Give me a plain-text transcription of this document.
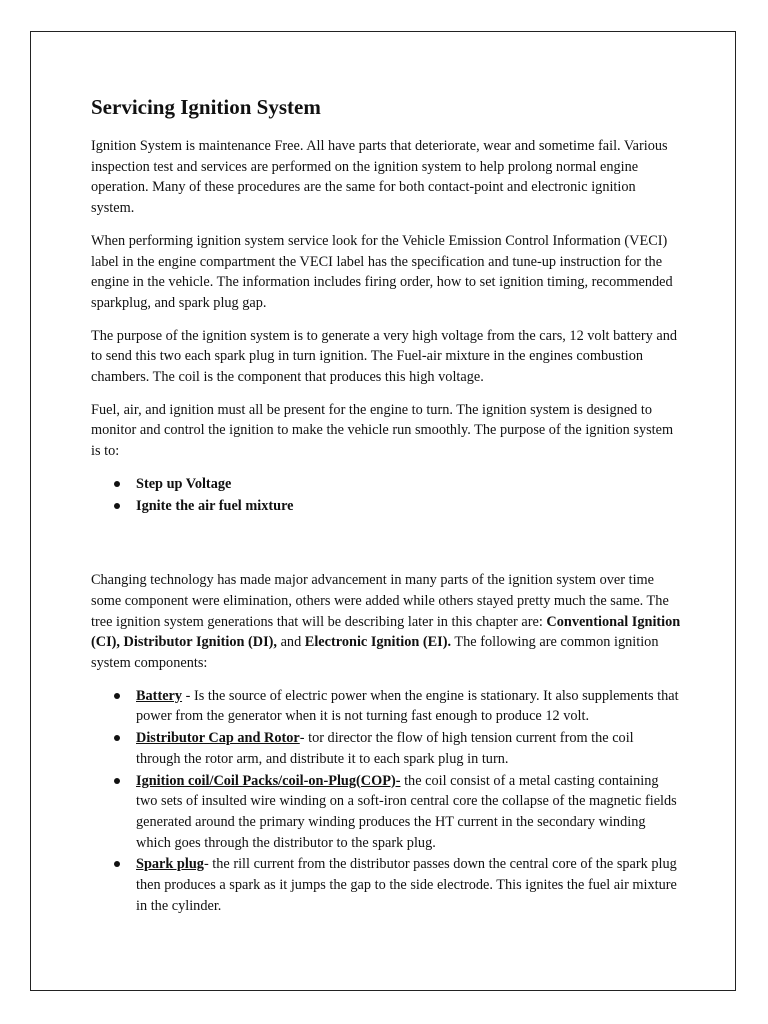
Servicing Ignition System

Ignition System is maintenance Free. All have parts that deteriorate, wear and sometime fail. Various inspection test and services are performed on the ignition system to help prolong normal engine operation. Many of these procedures are the same for both contact-point and electronic ignition system.

When performing ignition system service look for the Vehicle Emission Control Information (VECI) label in the engine compartment the VECI label has the specification and tune-up instruction for the engine in the vehicle. The information includes firing order, how to set ignition timing, recommended sparkplug, and spark plug gap.

The purpose of the ignition system is to generate a very high voltage from the cars, 12 volt battery and to send this two each spark plug in turn ignition. The Fuel-air mixture in the engines combustion chambers. The coil is the component that produces this high voltage.

Fuel, air, and ignition must all be present for the engine to turn. The ignition system is designed to monitor and control the ignition to make the vehicle run smoothly. The purpose of the ignition system is to:

Step up Voltage
Ignite the air fuel mixture

Changing technology has made major advancement in many parts of the ignition system over time some component were elimination, others were added while others stayed pretty much the same. The tree ignition system generations that will be describing later in this chapter are: Conventional Ignition (CI), Distributor Ignition (DI), and Electronic Ignition (EI). The following are common ignition system components:

Battery - Is the source of electric power when the engine is stationary. It also supplements that power from the generator when it is not turning fast enough to produce 12 volt.
Distributor Cap and Rotor- tor director the flow of high tension current from the coil through the rotor arm, and distribute it to each spark plug in turn.
Ignition coil/Coil Packs/coil-on-Plug(COP)- the coil consist of a metal casting containing two sets of insulted wire winding on a soft-iron central core the collapse of the magnetic fields generated around the primary winding produces the HT current in the secondary winding which goes through the distributor to the spark plug.
Spark plug- the rill current from the distributor passes down the central core of the spark plug then produces a spark as it jumps the gap to the side electrode. This ignites the fuel air mixture in the cylinder.
